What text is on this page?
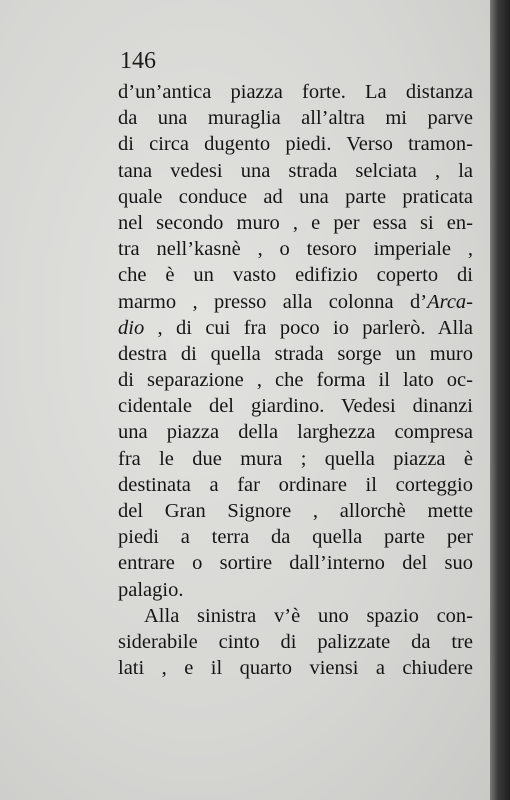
146
d’un’antica piazza forte. La distanza
da una muraglia all’altra mi parve
di circa dugento piedi. Verso tramon-
tana vedesi una strada selciata , la
quale conduce ad una parte praticata
nel secondo muro , e per essa si en-
tra nell’kasnè , o tesoro imperiale ,
che è un vasto edifizio coperto di
marmo , presso alla colonna d’Arca-
dio , di cui fra poco io parlerò. Alla
destra di quella strada sorge un muro
di separazione , che forma il lato oc-
cidentale del giardino. Vedesi dinanzi
una piazza della larghezza compresa
fra le due mura ; quella piazza è
destinata a far ordinare il corteggio
del Gran Signore , allorchè mette
piedi a terra da quella parte per
entrare o sortire dall’interno del suo
palagio.
Alla sinistra v’è uno spazio con-
siderabile cinto di palizzate da tre
lati , e il quarto viensi a chiudere
